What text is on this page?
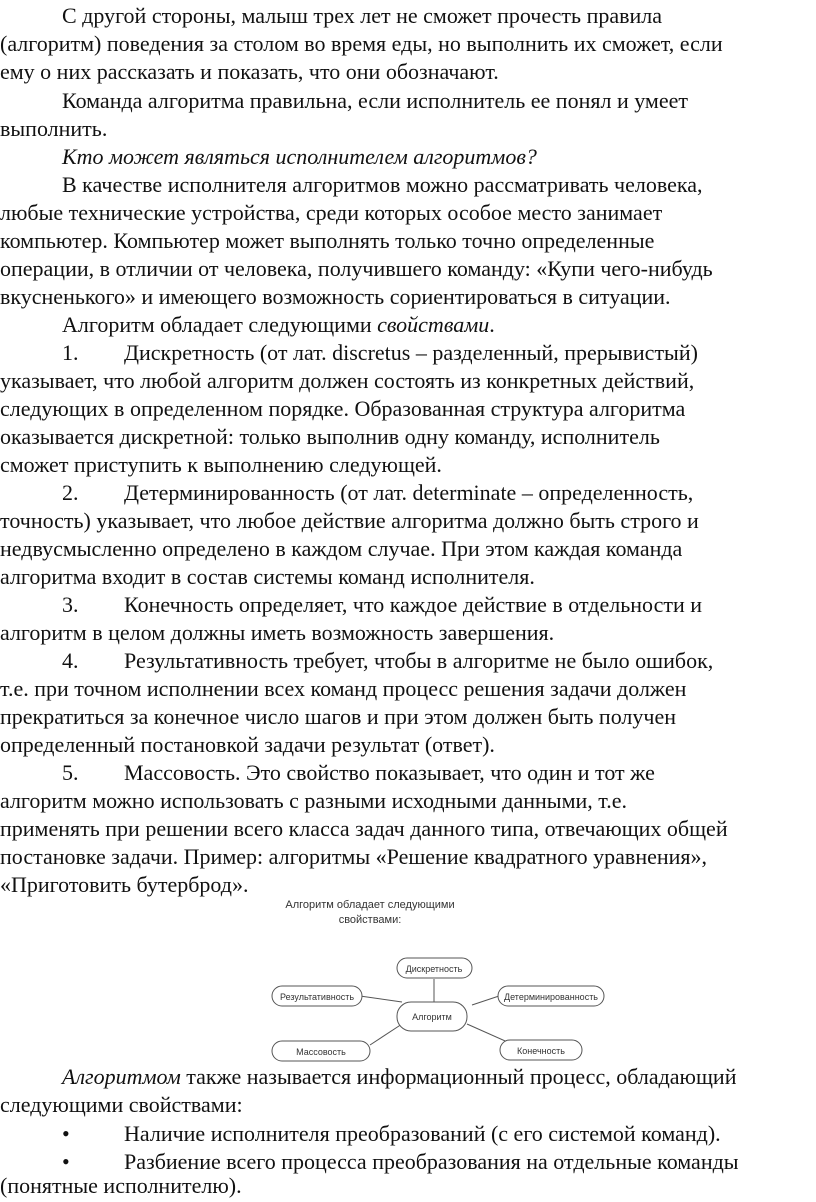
С другой стороны, малыш трех лет не сможет прочесть правила
(алгоритм) поведения за столом во время еды, но выполнить их сможет, если
ему о них рассказать и показать, что они обозначают.
Команда алгоритма правильна, если исполнитель ее понял и умеет
выполнить.
Кто может являться исполнителем алгоритмов?
В качестве исполнителя алгоритмов можно рассматривать человека,
любые технические устройства, среди которых особое место занимает
компьютер. Компьютер может выполнять только точно определенные
операции, в отличии от человека, получившего команду: «Купи чего-нибудь
вкусненького» и имеющего возможность сориентироваться в ситуации.
Алгоритм обладает следующими свойствами.
1. Дискретность (от лат. discretus – разделенный, прерывистый)
указывает, что любой алгоритм должен состоять из конкретных действий,
следующих в определенном порядке. Образованная структура алгоритма
оказывается дискретной: только выполнив одну команду, исполнитель
сможет приступить к выполнению следующей.
2. Детерминированность (от лат. determinate – определенность,
точность) указывает, что любое действие алгоритма должно быть строго и
недвусмысленно определено в каждом случае. При этом каждая команда
алгоритма входит в состав системы команд исполнителя.
3. Конечность определяет, что каждое действие в отдельности и
алгоритм в целом должны иметь возможность завершения.
4. Результативность требует, чтобы в алгоритме не было ошибок,
т.е. при точном исполнении всех команд процесс решения задачи должен
прекратиться за конечное число шагов и при этом должен быть получен
определенный постановкой задачи результат (ответ).
5. Массовость. Это свойство показывает, что один и тот же
алгоритм можно использовать с разными исходными данными, т.е.
применять при решении всего класса задач данного типа, отвечающих общей
постановке задачи. Пример: алгоритмы «Решение квадратного уравнения»,
«Приготовить бутерброд».
Алгоритм обладает следующими
свойствами:
Дискретность
Результативность	Детерминированность
Алгоритм
Массовость	Конечность
Алгоритмом также называется информационный процесс, обладающий
следующими свойствами:
• Наличие исполнителя преобразований (с его системой команд).
• Разбиение всего процесса преобразования на отдельные команды
(понятные исполнителю).
